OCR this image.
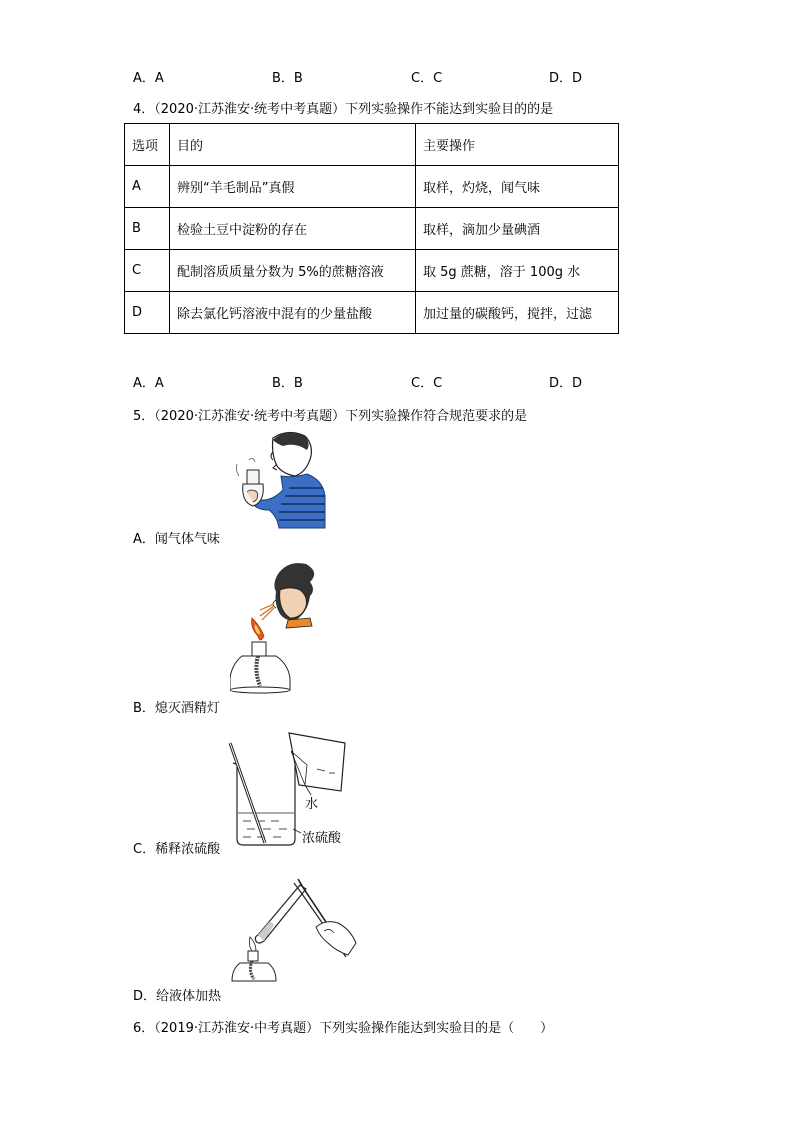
A．A	B．B	C．C	D．D
4．（2020·江苏淮安·统考中考真题）下列实验操作不能达到实验目的的是
选项	目的	主要操作
A	辨别“羊毛制品”真假	取样，灼烧，闻气味
B	检验土豆中淀粉的存在	取样，滴加少量碘酒
C	配制溶质质量分数为 5%的蔗糖溶液	取 5g 蔗糖，溶于 100g 水
D	除去氯化钙溶液中混有的少量盐酸	加过量的碳酸钙，搅拌，过滤
A．A	B．B	C．C	D．D
5．（2020·江苏淮安·统考中考真题）下列实验操作符合规范要求的是
A．闻气体气味
B．熄灭酒精灯
水
浓硫酸
C．稀释浓硫酸
D．给液体加热
6．（2019·江苏淮安·中考真题）下列实验操作能达到实验目的是（　　）
